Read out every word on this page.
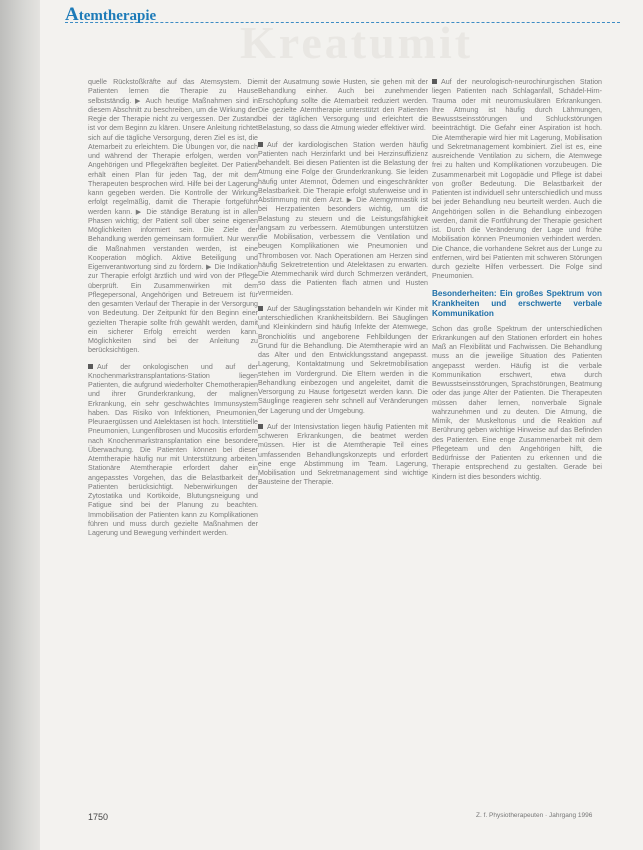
Atemtherapie
Kreatumit

quelle Rückstoßkräfte auf das Atemsystem. Die Patienten lernen die Therapie zu Hause selbstständig. ▶ Auch heutige Maßnahmen sind in diesem Abschnitt zu beschreiben, um die Wirkung der Regie der Therapie nicht zu vergessen. Der Zustand ist vor dem Beginn zu klären. Unsere Anleitung richtet sich auf die tägliche Versorgung, deren Ziel es ist, die Atemarbeit zu erleichtern. Die Übungen vor, die nach und während der Therapie erfolgen, werden von Angehörigen und Pflegekräften begleitet. Der Patient erhält einen Plan für jeden Tag, der mit dem Therapeuten besprochen wird. Hilfe bei der Lagerung kann gegeben werden. Die Kontrolle der Wirkung erfolgt regelmäßig, damit die Therapie fortgeführt werden kann. ▶ Die ständige Beratung ist in allen Phasen wichtig; der Patient soll über seine eigenen Möglichkeiten informiert sein. Die Ziele der Behandlung werden gemeinsam formuliert. Nur wenn die Maßnahmen verstanden werden, ist eine Kooperation möglich. Aktive Beteiligung und Eigenverantwortung sind zu fördern. ▶ Die Indikation zur Therapie erfolgt ärztlich und wird von der Pflege überprüft. Ein Zusammenwirken mit dem Pflegepersonal, Angehörigen und Betreuern ist für den gesamten Verlauf der Therapie in der Versorgung von Bedeutung. Der Zeitpunkt für den Beginn einer gezielten Therapie sollte früh gewählt werden, damit ein sicherer Erfolg erreicht werden kann. Möglichkeiten sind bei der Anleitung zu berücksichtigen.

Auf der onkologischen und auf der Knochenmarkstransplantations-Station liegen Patienten, die aufgrund wiederholter Chemotherapien und ihrer Grunderkrankung, der malignen Erkrankung, ein sehr geschwächtes Immunsystem haben. Das Risiko von Infektionen, Pneumonien, Pleuraergüssen und Atelektasen ist hoch. Interstitielle Pneumonien, Lungenfibrosen und Mucositis erfordern nach Knochenmarkstransplantation eine besondere Überwachung. Die Patienten können bei dieser Atemtherapie häufig nur mit Unterstützung arbeiten. Stationäre Atemtherapie erfordert daher ein angepasstes Vorgehen, das die Belastbarkeit der Patienten berücksichtigt. Nebenwirkungen der Zytostatika und Kortikoide, Blutungsneigung und Fatigue sind bei der Planung zu beachten. Immobilisation der Patienten kann zu Komplikationen führen und muss durch gezielte Maßnahmen der Lagerung und Bewegung verhindert werden.

mit der Ausatmung sowie Husten, sie gehen mit der Behandlung einher. Auch bei zunehmender Erschöpfung sollte die Atemarbeit reduziert werden. Die gezielte Atemtherapie unterstützt den Patienten bei der täglichen Versorgung und erleichtert die Belastung, so dass die Atmung wieder effektiver wird.

Auf der kardiologischen Station werden häufig Patienten nach Herzinfarkt und bei Herzinsuffizienz behandelt. Bei diesen Patienten ist die Belastung der Atmung eine Folge der Grunderkrankung. Sie leiden häufig unter Atemnot, Ödemen und eingeschränkter Belastbarkeit. Die Therapie erfolgt stufenweise und in Abstimmung mit dem Arzt. ▶ Die Atemgymnastik ist bei Herzpatienten besonders wichtig, um die Belastung zu steuern und die Leistungsfähigkeit langsam zu verbessern. Atemübungen unterstützen die Mobilisation, verbessern die Ventilation und beugen Komplikationen wie Pneumonien und Thrombosen vor. Nach Operationen am Herzen sind häufig Sekretretention und Atelektasen zu erwarten. Die Atemmechanik wird durch Schmerzen verändert, so dass die Patienten flach atmen und Husten vermeiden.

Auf der Säuglingsstation behandeln wir Kinder mit unterschiedlichen Krankheitsbildern. Bei Säuglingen und Kleinkindern sind häufig Infekte der Atemwege, Bronchiolitis und angeborene Fehlbildungen der Grund für die Behandlung. Die Atemtherapie wird an das Alter und den Entwicklungsstand angepasst. Lagerung, Kontaktatmung und Sekretmobilisation stehen im Vordergrund. Die Eltern werden in die Behandlung einbezogen und angeleitet, damit die Versorgung zu Hause fortgesetzt werden kann. Die Säuglinge reagieren sehr schnell auf Veränderungen der Lagerung und der Umgebung.

Auf der Intensivstation liegen häufig Patienten mit schweren Erkrankungen, die beatmet werden müssen. Hier ist die Atemtherapie Teil eines umfassenden Behandlungskonzepts und erfordert eine enge Abstimmung im Team. Lagerung, Mobilisation und Sekretmanagement sind wichtige Bausteine der Therapie.

Auf der neurologisch-neurochirurgischen Station liegen Patienten nach Schlaganfall, Schädel-Hirn-Trauma oder mit neuromuskulären Erkrankungen. Ihre Atmung ist häufig durch Lähmungen, Bewusstseinsstörungen und Schluckstörungen beeinträchtigt. Die Gefahr einer Aspiration ist hoch. Die Atemtherapie wird hier mit Lagerung, Mobilisation und Sekretmanagement kombiniert. Ziel ist es, eine ausreichende Ventilation zu sichern, die Atemwege frei zu halten und Komplikationen vorzubeugen. Die Zusammenarbeit mit Logopädie und Pflege ist dabei von großer Bedeutung. Die Belastbarkeit der Patienten ist individuell sehr unterschiedlich und muss bei jeder Behandlung neu beurteilt werden. Auch die Angehörigen sollen in die Behandlung einbezogen werden, damit die Fortführung der Therapie gesichert ist. Durch die Veränderung der Lage und frühe Mobilisation können Pneumonien verhindert werden. Die Chance, die vorhandene Sekret aus der Lunge zu entfernen, wird bei Patienten mit schweren Störungen durch gezielte Hilfen verbessert. Die Folge sind Pneumonien.

Besonderheiten: Ein großes Spektrum von Krankheiten und erschwerte verbale Kommunikation

Schon das große Spektrum der unterschiedlichen Erkrankungen auf den Stationen erfordert ein hohes Maß an Flexibilität und Fachwissen. Die Behandlung muss an die jeweilige Situation des Patienten angepasst werden. Häufig ist die verbale Kommunikation erschwert, etwa durch Bewusstseinsstörungen, Sprachstörungen, Beatmung oder das junge Alter der Patienten. Die Therapeuten müssen daher lernen, nonverbale Signale wahrzunehmen und zu deuten. Die Atmung, die Mimik, der Muskeltonus und die Reaktion auf Berührung geben wichtige Hinweise auf das Befinden des Patienten. Eine enge Zusammenarbeit mit dem Pflegeteam und den Angehörigen hilft, die Bedürfnisse der Patienten zu erkennen und die Therapie entsprechend zu gestalten. Gerade bei Kindern ist dies besonders wichtig.

1750	Z. f. Physiotherapeuten · Jahrgang 1996
